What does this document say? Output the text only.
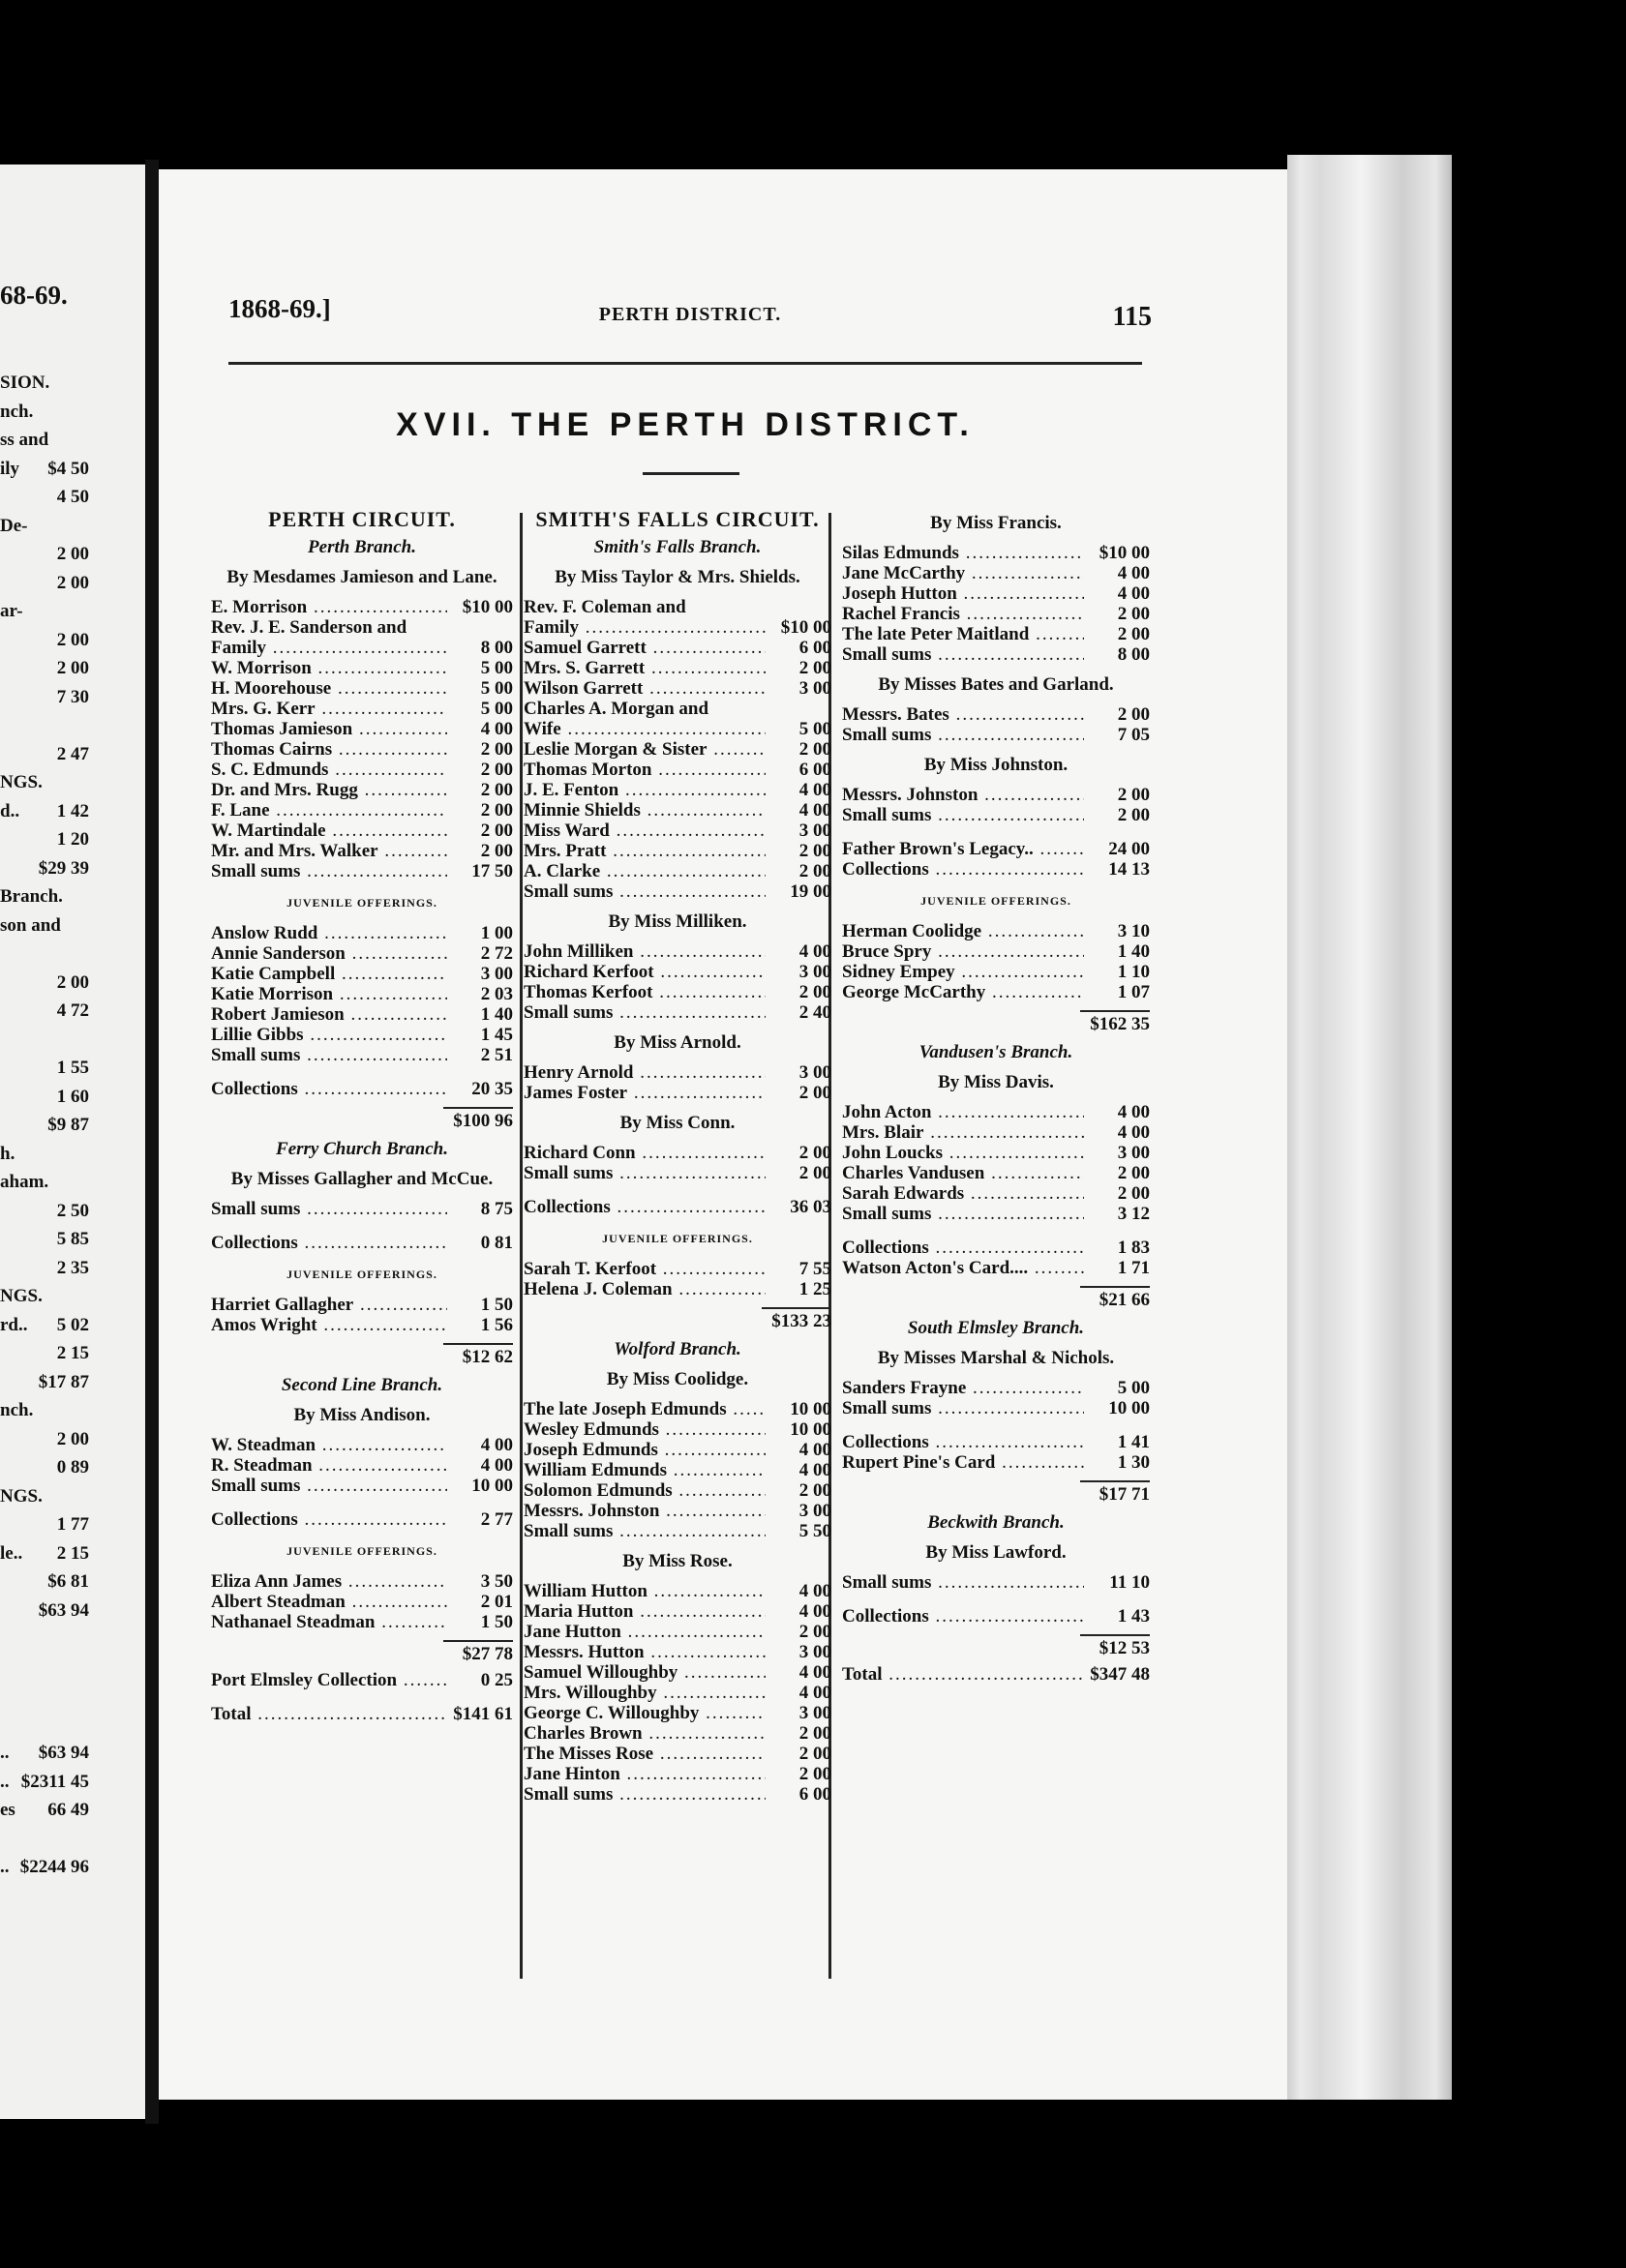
68-69.
SION.
nch.
ss and
ily $4 50
4 50
De-
2 00
2 00
ar-
2 00
2 00
7 30
2 47
NGS.
d.. 1 42
1 20
$29 39
Branch.
son and
2 00
4 72
1 55
1 60
$9 87
h.
aham.
2 50
5 85
2 35
NGS.
rd.. 5 02
2 15
$17 87
nch.
2 00
0 89
NGS.
1 77
le.. 2 15
$6 81
$63 94
.. $63 94
.. $2311 45
es 66 49
.. $2244 96
1868-69.]	PERTH DISTRICT.	115
XVII. THE PERTH DISTRICT.
PERTH CIRCUIT.
Perth Branch.
By Mesdames Jamieson and Lane.
E. Morrison .....	$10 00
Rev. J. E. Sanderson and
Family .....	8 00
W. Morrison .....	5 00
H. Moorehouse .....	5 00
Mrs. G. Kerr .....	5 00
Thomas Jamieson .....	4 00
Thomas Cairns .....	2 00
S. C. Edmunds .....	2 00
Dr. and Mrs. Rugg .....	2 00
F. Lane .....	2 00
W. Martindale .....	2 00
Mr. and Mrs. Walker .....	2 00
Small sums .....	17 50
JUVENILE OFFERINGS.
Anslow Rudd .....	1 00
Annie Sanderson .....	2 72
Katie Campbell .....	3 00
Katie Morrison .....	2 03
Robert Jamieson .....	1 40
Lillie Gibbs .....	1 45
Small sums .....	2 51
Collections .....	20 35
$100 96
Ferry Church Branch.
By Misses Gallagher and McCue.
Small sums .....	8 75
Collections .....	0 81
JUVENILE OFFERINGS.
Harriet Gallagher .....	1 50
Amos Wright .....	1 56
$12 62
Second Line Branch.
By Miss Andison.
W. Steadman .....	4 00
R. Steadman .....	4 00
Small sums .....	10 00
Collections .....	2 77
JUVENILE OFFERINGS.
Eliza Ann James .....	3 50
Albert Steadman .....	2 01
Nathanael Steadman .....	1 50
$27 78
Port Elmsley Collection .....	0 25
Total .....	$141 61
SMITH'S FALLS CIRCUIT.
Smith's Falls Branch.
By Miss Taylor & Mrs. Shields.
Rev. F. Coleman and
Family .....	$10 00
Samuel Garrett .....	6 00
Mrs. S. Garrett .....	2 00
Wilson Garrett .....	3 00
Charles A. Morgan and
Wife .....	5 00
Leslie Morgan & Sister .....	2 00
Thomas Morton .....	6 00
J. E. Fenton .....	4 00
Minnie Shields .....	4 00
Miss Ward .....	3 00
Mrs. Pratt .....	2 00
A. Clarke .....	2 00
Small sums .....	19 00
By Miss Milliken.
John Milliken .....	4 00
Richard Kerfoot .....	3 00
Thomas Kerfoot .....	2 00
Small sums .....	2 40
By Miss Arnold.
Henry Arnold .....	3 00
James Foster .....	2 00
By Miss Conn.
Richard Conn .....	2 00
Small sums .....	2 00
Collections .....	36 03
JUVENILE OFFERINGS.
Sarah T. Kerfoot .....	7 55
Helena J. Coleman .....	1 25
$133 23
Wolford Branch.
By Miss Coolidge.
The late Joseph Edmunds .....	10 00
Wesley Edmunds .....	10 00
Joseph Edmunds .....	4 00
William Edmunds .....	4 00
Solomon Edmunds .....	2 00
Messrs. Johnston .....	3 00
Small sums .....	5 50
By Miss Rose.
William Hutton .....	4 00
Maria Hutton .....	4 00
Jane Hutton .....	2 00
Messrs. Hutton .....	3 00
Samuel Willoughby .....	4 00
Mrs. Willoughby .....	4 00
George C. Willoughby .....	3 00
Charles Brown .....	2 00
The Misses Rose .....	2 00
Jane Hinton .....	2 00
Small sums .....	6 00
By Miss Francis.
Silas Edmunds .....	$10 00
Jane McCarthy .....	4 00
Joseph Hutton .....	4 00
Rachel Francis .....	2 00
The late Peter Maitland .....	2 00
Small sums .....	8 00
By Misses Bates and Garland.
Messrs. Bates .....	2 00
Small sums .....	7 05
By Miss Johnston.
Messrs. Johnston .....	2 00
Small sums .....	2 00
Father Brown's Legacy.. .....	24 00
Collections .....	14 13
JUVENILE OFFERINGS.
Herman Coolidge .....	3 10
Bruce Spry .....	1 40
Sidney Empey .....	1 10
George McCarthy .....	1 07
$162 35
Vandusen's Branch.
By Miss Davis.
John Acton .....	4 00
Mrs. Blair .....	4 00
John Loucks .....	3 00
Charles Vandusen .....	2 00
Sarah Edwards .....	2 00
Small sums .....	3 12
Collections .....	1 83
Watson Acton's Card.... .....	1 71
$21 66
South Elmsley Branch.
By Misses Marshal & Nichols.
Sanders Frayne .....	5 00
Small sums .....	10 00
Collections .....	1 41
Rupert Pine's Card .....	1 30
$17 71
Beckwith Branch.
By Miss Lawford.
Small sums .....	11 10
Collections .....	1 43
$12 53
Total .....	$347 48
